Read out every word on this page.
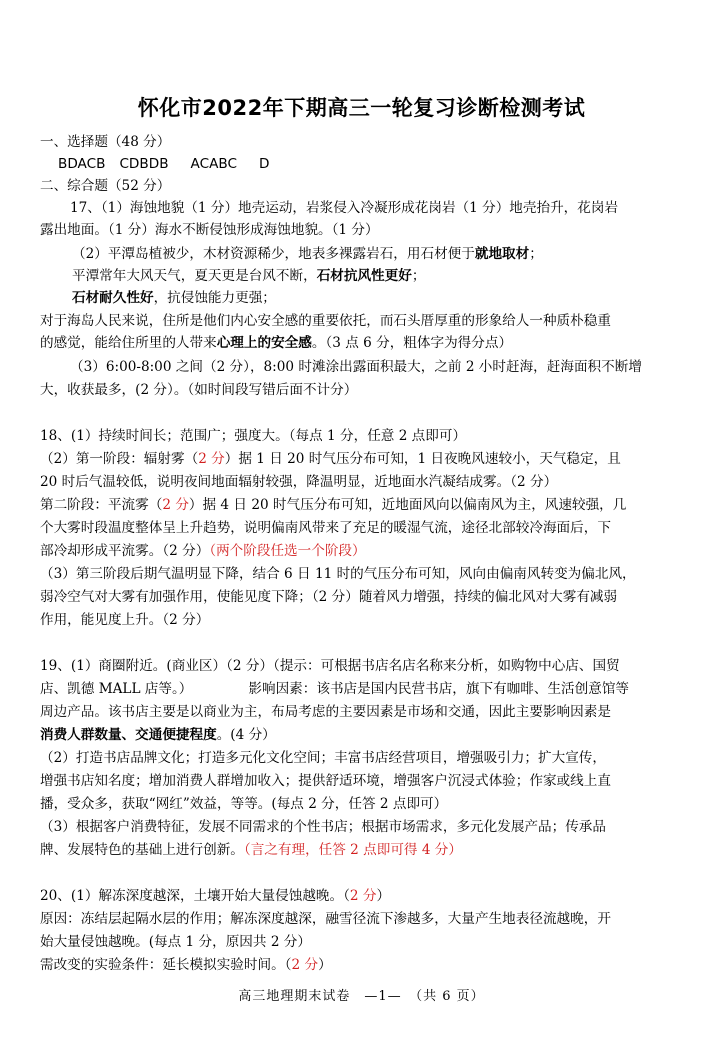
怀化市2022年下期高三一轮复习诊断检测考试
一、选择题（48 分）
BDACB CDBDB ACABC D
二、综合题（52 分）
17、（1）海蚀地貌（1 分）地壳运动，岩浆侵入冷凝形成花岗岩（1 分）地壳抬升，花岗岩
露出地面。（1 分）海水不断侵蚀形成海蚀地貌。（1 分）
（2）平潭岛植被少，木材资源稀少，地表多裸露岩石，用石材便于就地取材；
平潭常年大风天气，夏天更是台风不断，石材抗风性更好；
石材耐久性好，抗侵蚀能力更强；
对于海岛人民来说，住所是他们内心安全感的重要依托，而石头厝厚重的形象给人一种质朴稳重
的感觉，能给住所里的人带来心理上的安全感。（3 点 6 分，粗体字为得分点）
（3）6:00-8:00 之间（2 分），8:00 时滩涂出露面积最大，之前 2 小时赶海，赶海面积不断增
大，收获最多，(2 分）。（如时间段写错后面不计分）
18、(1）持续时间长；范围广；强度大。（每点 1 分，任意 2 点即可）
（2）第一阶段：辐射雾（2 分）据 1 日 20 时气压分布可知，1 日夜晚风速较小，天气稳定，且
20 时后气温较低，说明夜间地面辐射较强，降温明显，近地面水汽凝结成雾。（2 分）
第二阶段：平流雾（2 分）据 4 日 20 时气压分布可知，近地面风向以偏南风为主，风速较强，几
个大雾时段温度整体呈上升趋势，说明偏南风带来了充足的暖湿气流，途径北部较冷海面后，下
部冷却形成平流雾。（2 分）（两个阶段任选一个阶段）
（3）第三阶段后期气温明显下降，结合 6 日 11 时的气压分布可知，风向由偏南风转变为偏北风，
弱冷空气对大雾有加强作用，使能见度下降；（2 分）随着风力增强，持续的偏北风对大雾有减弱
作用，能见度上升。（2 分）
19、(1）商圈附近。(商业区）（2 分）（提示：可根据书店名店名称来分析，如购物中心店、国贸
店、凯德 MALL 店等。）	影响因素：该书店是国内民营书店，旗下有咖啡、生活创意馆等
周边产品。该书店主要是以商业为主，布局考虑的主要因素是市场和交通，因此主要影响因素是
消费人群数量、交通便捷程度。(4 分）
（2）打造书店品牌文化；打造多元化文化空间；丰富书店经营项目，增强吸引力；扩大宣传，
增强书店知名度；增加消费人群增加收入；提供舒适环境，增强客户沉浸式体验；作家或线上直
播，受众多，获取“网红”效益，等等。(每点 2 分，任答 2 点即可）
（3）根据客户消费特征，发展不同需求的个性书店；根据市场需求，多元化发展产品；传承品
牌、发展特色的基础上进行创新。（言之有理，任答 2 点即可得 4 分）
20、(1）解冻深度越深，土壤开始大量侵蚀越晚。（2 分）
原因：冻结层起隔水层的作用；解冻深度越深，融雪径流下渗越多，大量产生地表径流越晚，开
始大量侵蚀越晚。(每点 1 分，原因共 2 分）
需改变的实验条件：延长模拟实验时间。（2 分）
高三地理期末试卷　—1—　（共 6 页）
